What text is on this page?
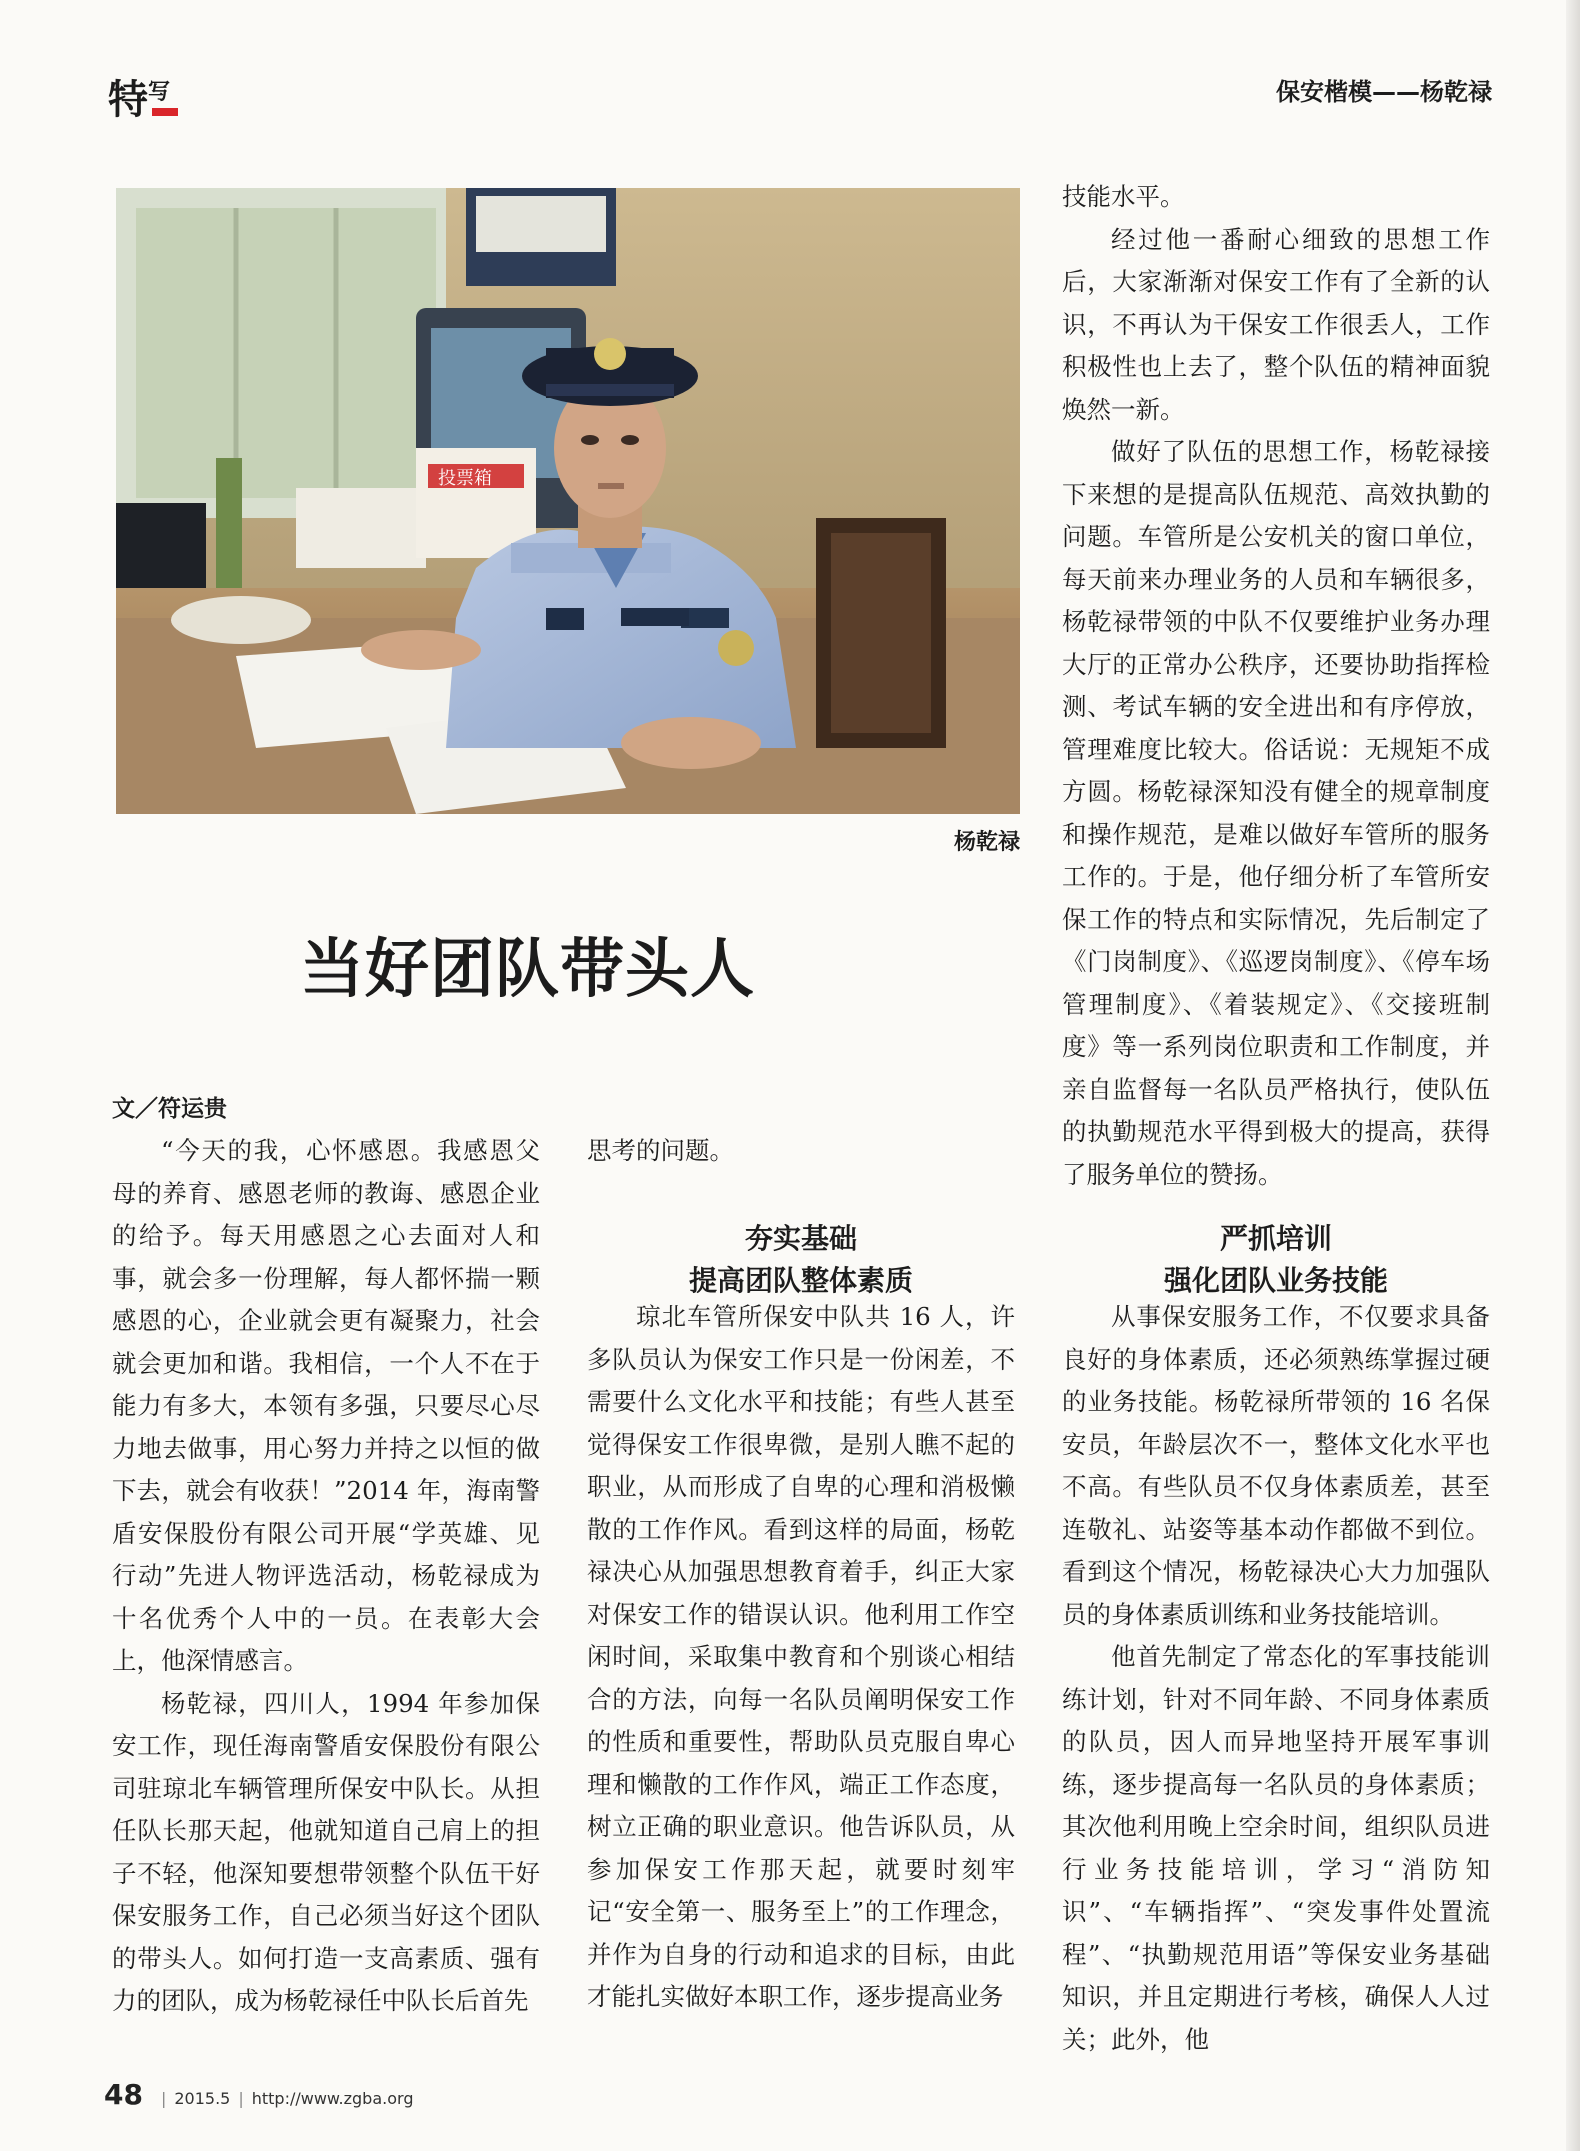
特写	保安楷模——杨乾禄
投票箱
杨乾禄
当好团队带头人
文／符运贵

“今天的我，心怀感恩。我感恩父母的养育、感恩老师的教诲、感恩企业的给予。每天用感恩之心去面对人和事，就会多一份理解，每人都怀揣一颗感恩的心，企业就会更有凝聚力，社会就会更加和谐。我相信，一个人不在于能力有多大，本领有多强，只要尽心尽力地去做事，用心努力并持之以恒的做下去，就会有收获！”2014 年，海南警盾安保股份有限公司开展“学英雄、见行动”先进人物评选活动，杨乾禄成为十名优秀个人中的一员。在表彰大会上，他深情感言。

杨乾禄，四川人，1994 年参加保安工作，现任海南警盾安保股份有限公司驻琼北车辆管理所保安中队长。从担任队长那天起，他就知道自己肩上的担子不轻，他深知要想带领整个队伍干好保安服务工作，自己必须当好这个团队的带头人。如何打造一支高素质、强有力的团队，成为杨乾禄任中队长后首先

思考的问题。

夯实基础
提高团队整体素质

琼北车管所保安中队共 16 人，许多队员认为保安工作只是一份闲差，不需要什么文化水平和技能；有些人甚至觉得保安工作很卑微，是别人瞧不起的职业，从而形成了自卑的心理和消极懒散的工作作风。看到这样的局面，杨乾禄决心从加强思想教育着手，纠正大家对保安工作的错误认识。他利用工作空闲时间，采取集中教育和个别谈心相结合的方法，向每一名队员阐明保安工作的性质和重要性，帮助队员克服自卑心理和懒散的工作作风，端正工作态度，树立正确的职业意识。他告诉队员，从参加保安工作那天起，就要时刻牢记“安全第一、服务至上”的工作理念，并作为自身的行动和追求的目标，由此才能扎实做好本职工作，逐步提高业务

技能水平。

经过他一番耐心细致的思想工作后，大家渐渐对保安工作有了全新的认识，不再认为干保安工作很丢人，工作积极性也上去了，整个队伍的精神面貌焕然一新。

做好了队伍的思想工作，杨乾禄接下来想的是提高队伍规范、高效执勤的问题。车管所是公安机关的窗口单位，每天前来办理业务的人员和车辆很多，杨乾禄带领的中队不仅要维护业务办理大厅的正常办公秩序，还要协助指挥检测、考试车辆的安全进出和有序停放，管理难度比较大。俗话说：无规矩不成方圆。杨乾禄深知没有健全的规章制度和操作规范，是难以做好车管所的服务工作的。于是，他仔细分析了车管所安保工作的特点和实际情况，先后制定了《门岗制度》、《巡逻岗制度》、《停车场管理制度》、《着装规定》、《交接班制度》等一系列岗位职责和工作制度，并亲自监督每一名队员严格执行，使队伍的执勤规范水平得到极大的提高，获得了服务单位的赞扬。

严抓培训
强化团队业务技能

从事保安服务工作，不仅要求具备良好的身体素质，还必须熟练掌握过硬的业务技能。杨乾禄所带领的 16 名保安员，年龄层次不一，整体文化水平也不高。有些队员不仅身体素质差，甚至连敬礼、站姿等基本动作都做不到位。看到这个情况，杨乾禄决心大力加强队员的身体素质训练和业务技能培训。

他首先制定了常态化的军事技能训练计划，针对不同年龄、不同身体素质的队员，因人而异地坚持开展军事训练，逐步提高每一名队员的身体素质；其次他利用晚上空余时间，组织队员进行业务技能培训，学习“消防知识”、“车辆指挥”、“突发事件处置流程”、“执勤规范用语”等保安业务基础知识，并且定期进行考核，确保人人过关；此外，他

48 | 2015.5 | http://www.zgba.org
